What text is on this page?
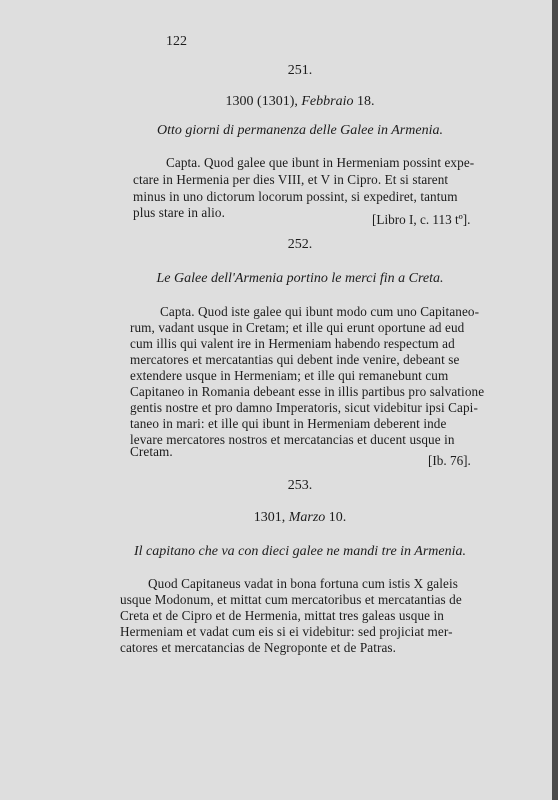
122
251.
1300 (1301), Febbraio 18.
Otto giorni di permanenza delle Galee in Armenia.
Capta. Quod galee que ibunt in Hermeniam possint expe-
ctare in Hermenia per dies VIII, et V in Cipro. Et si starent
minus in uno dictorum locorum possint, si expediret, tantum
plus stare in alio.	[Libro I, c. 113 tº].
252.
Le Galee dell'Armenia portino le merci fin a Creta.
Capta. Quod iste galee qui ibunt modo cum uno Capitaneo-
rum, vadant usque in Cretam; et ille qui erunt oportune ad eud
cum illis qui valent ire in Hermeniam habendo respectum ad
mercatores et mercatantias qui debent inde venire, debeant se
extendere usque in Hermeniam; et ille qui remanebunt cum
Capitaneo in Romania debeant esse in illis partibus pro salvatione
gentis nostre et pro damno Imperatoris, sicut videbitur ipsi Capi-
taneo in mari: et ille qui ibunt in Hermeniam deberent inde
levare mercatores nostros et mercatancias et ducent usque in
Cretam.
[Ib. 76].
253.
1301, Marzo 10.
Il capitano che va con dieci galee ne mandi tre in Armenia.
Quod Capitaneus vadat in bona fortuna cum istis X galeis
usque Modonum, et mittat cum mercatoribus et mercatantias de
Creta et de Cipro et de Hermenia, mittat tres galeas usque in
Hermeniam et vadat cum eis si ei videbitur: sed projiciat mer-
catores et mercatancias de Negroponte et de Patras.
